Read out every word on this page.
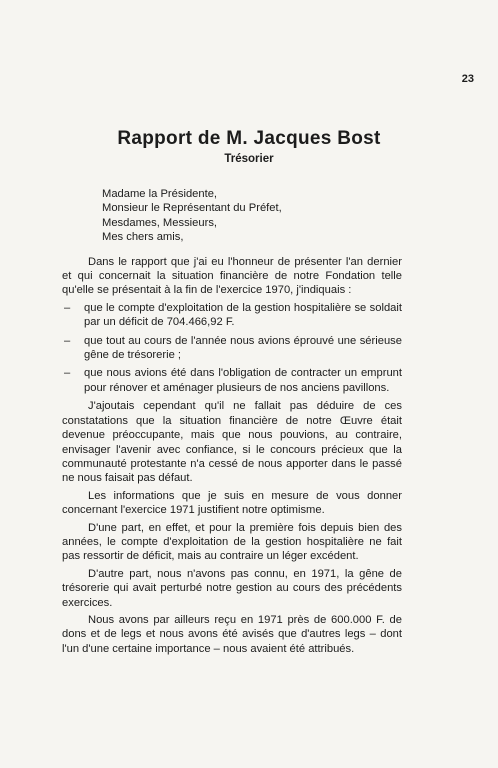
23
Rapport de M. Jacques Bost
Trésorier
Madame la Présidente,
Monsieur le Représentant du Préfet,
Mesdames, Messieurs,
Mes chers amis,

Dans le rapport que j'ai eu l'honneur de présenter l'an dernier et qui concernait la situation financière de notre Fondation telle qu'elle se présentait à la fin de l'exercice 1970, j'indiquais :

– que le compte d'exploitation de la gestion hospitalière se soldait par un déficit de 704.466,92 F.
– que tout au cours de l'année nous avions éprouvé une sérieuse gêne de trésorerie ;
– que nous avions été dans l'obligation de contracter un emprunt pour rénover et aménager plusieurs de nos anciens pavillons.

J'ajoutais cependant qu'il ne fallait pas déduire de ces constatations que la situation financière de notre Œuvre était devenue préoccupante, mais que nous pouvions, au contraire, envisager l'avenir avec confiance, si le concours précieux que la communauté protestante n'a cessé de nous apporter dans le passé ne nous faisait pas défaut.

Les informations que je suis en mesure de vous donner concernant l'exercice 1971 justifient notre optimisme.

D'une part, en effet, et pour la première fois depuis bien des années, le compte d'exploitation de la gestion hospitalière ne fait pas ressortir de déficit, mais au contraire un léger excédent.

D'autre part, nous n'avons pas connu, en 1971, la gêne de trésorerie qui avait perturbé notre gestion au cours des précédents exercices.

Nous avons par ailleurs reçu en 1971 près de 600.000 F. de dons et de legs et nous avons été avisés que d'autres legs – dont l'un d'une certaine importance – nous avaient été attribués.
